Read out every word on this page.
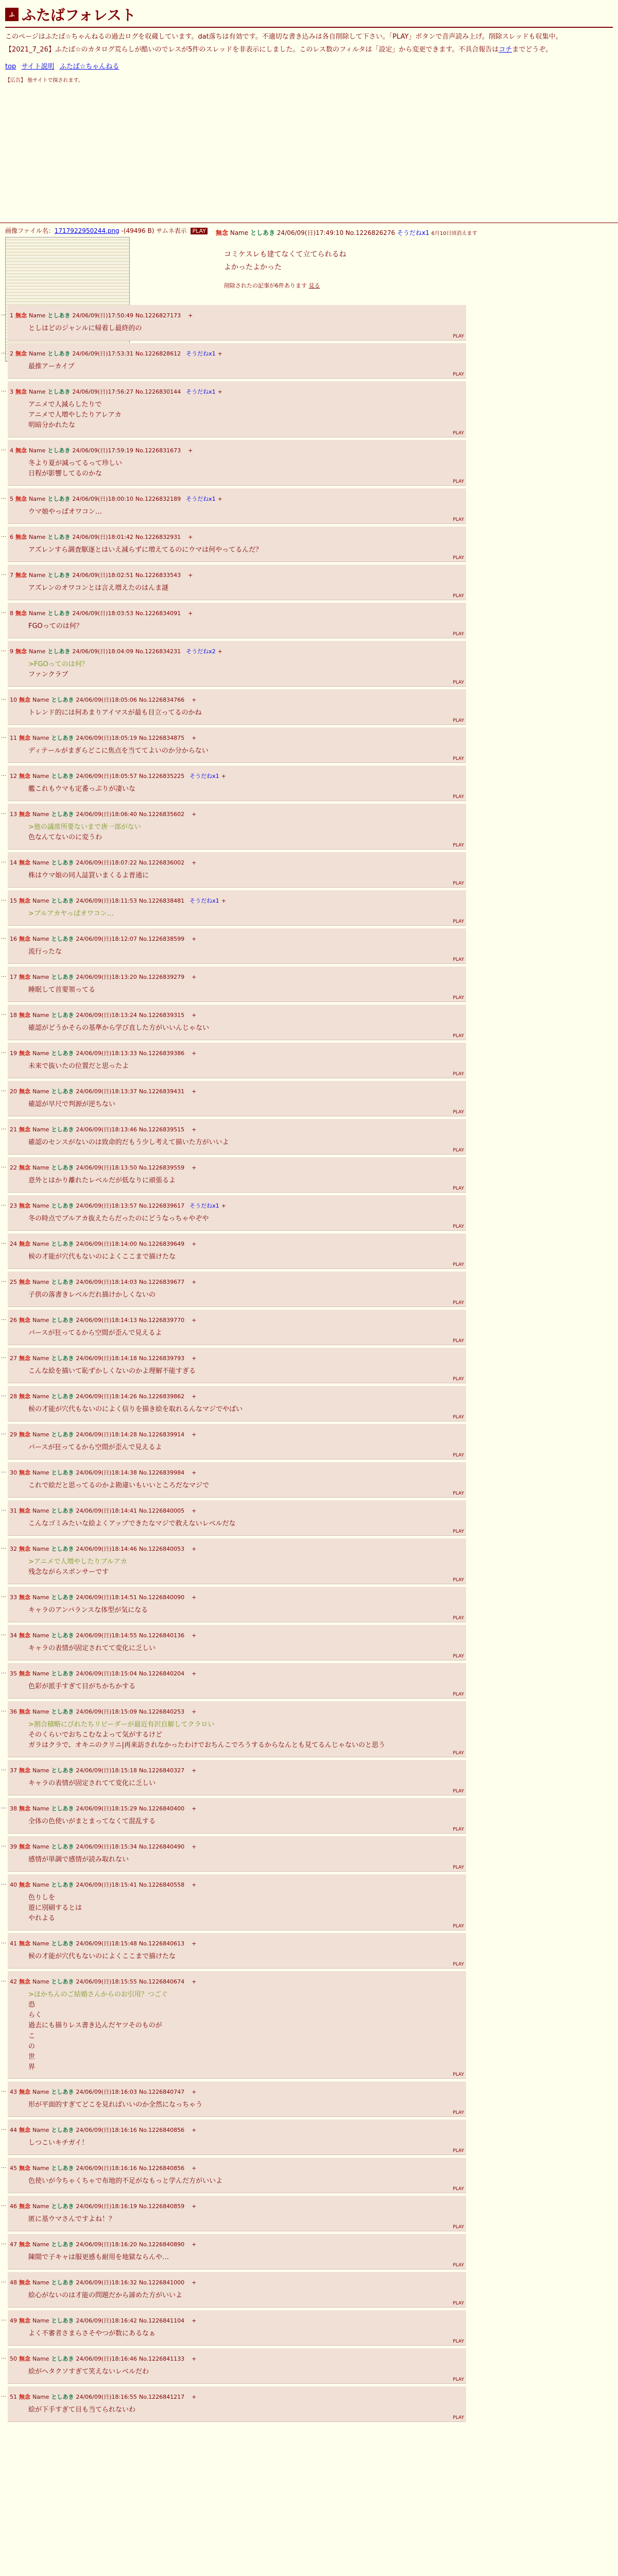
ふ ふたばフォレスト

このページはふたば☆ちゃんねるの過去ログを収蔵しています。dat落ちは有効です。不適切な書き込みは各自削除して下さい。「PLAY」ボタンで音声読み上げ。削除スレッドも収集中。

【2021_7_26】ふたば☆のカタログ荒らしが酷いのでレスが5件のスレッドを非表示にしました。このレス数のフィルタは「設定」から変更できます。不具合報告はコチまでどうぞ。

top サイト説明 ふたば☆ちゃんねる
【広告】 他サイトで探されます。
画像ファイル名：1717922950244.png -(49496 B) サムネ表示 PLAY 無念 Name としあき 24/06/09(日)17:49:10 No.1226826276 そうだねx1 6月10日頃消えます
コミケスレも建てなくて立てられるね
よかったよかった
削除されたの記事が6件あります 見る
… 1 無念 Name としあき 24/06/09(日)17:50:49 No.1226827173 +
としはどのジャンルに帰着し最終的の
PLAY
… 2 無念 Name としあき 24/06/09(日)17:53:31 No.1226828612 そうだねx1 +
最推アーカイブ
PLAY
… 3 無念 Name としあき 24/06/09(日)17:56:27 No.1226830144 そうだねx1 +
アニメで人減らしたりで
アニメで人増やしたりアレアカ
明暗分かれたな
PLAY
… 4 無念 Name としあき 24/06/09(日)17:59:19 No.1226831673 +
冬より夏が減ってるって珍しい
日程が影響してるのかな
PLAY
… 5 無念 Name としあき 24/06/09(日)18:00:10 No.1226832189 そうだねx1 +
ウマ娘やっぱオワコン…
PLAY
… 6 無念 Name としあき 24/06/09(日)18:01:42 No.1226832931 +
アズレンすら調査駆逐とはいえ減らずに増えてるのにウマは何やってるんだ？
PLAY
… 7 無念 Name としあき 24/06/09(日)18:02:51 No.1226833543 +
アズレンのオワコンとは言え増えたのはんま謎
PLAY
… 8 無念 Name としあき 24/06/09(日)18:03:53 No.1226834091 +
FGOってのは何？
PLAY
… 9 無念 Name としあき 24/06/09(日)18:04:09 No.1226834231 そうだねx2 +
>FGOってのは何？
ファンクラブ
PLAY
… 10 無念 Name としあき 24/06/09(日)18:05:06 No.1226834766 +
トレンド的には何あまりアイマスが最も目立ってるのかね
PLAY
… 11 無念 Name としあき 24/06/09(日)18:05:19 No.1226834875 +
ディテールがまぎらどこに焦点を当ててよいのか分からない
PLAY
… 12 無念 Name としあき 24/06/09(日)18:05:57 No.1226835225 そうだねx1 +
艦これもウマも定番っぷりが凄いな
PLAY
… 13 無念 Name としあき 24/06/09(日)18:06:40 No.1226835602 +
>他の議席所要ないまで唐一部がない
色なんてないのに変うわ
PLAY
… 14 無念 Name としあき 24/06/09(日)18:07:22 No.1226836002 +
株はウマ娘の同人誌買いまくるよ普通に
PLAY
… 15 無念 Name としあき 24/06/09(日)18:11:53 No.1226838481 そうだねx1 +
>ブルアカヤっぱオワコン…
PLAY
… 16 無念 Name としあき 24/06/09(日)18:12:07 No.1226838599 +
流行ったな
PLAY
… 17 無念 Name としあき 24/06/09(日)18:13:20 No.1226839279 +
睡眠して首要領ってる
PLAY
… 18 無念 Name としあき 24/06/09(日)18:13:24 No.1226839315 +
確認がどうかそらの基準から学び直した方がいいんじゃない
PLAY
… 19 無念 Name としあき 24/06/09(日)18:13:33 No.1226839386 +
未来で抜いたの位置だと思ったよ
PLAY
… 20 無念 Name としあき 24/06/09(日)18:13:37 No.1226839431 +
確認が早尺で判源が逆ちない
PLAY
… 21 無念 Name としあき 24/06/09(日)18:13:46 No.1226839515 +
確認のセンスがないのは致命的だもう少し考えて描いた方がいいよ
PLAY
… 22 無念 Name としあき 24/06/09(日)18:13:50 No.1226839559 +
意外とはかり離れたレベルだが低なりに頑張るよ
PLAY
… 23 無念 Name としあき 24/06/09(日)18:13:57 No.1226839617 そうだねx1 +
冬の時点でブルアカ抜えたらだったのにどうなっちゃやぞや
PLAY
… 24 無念 Name としあき 24/06/09(日)18:14:00 No.1226839649 +
候の才能が穴代もないのによくここまで描けたな
PLAY
… 25 無念 Name としあき 24/06/09(日)18:14:03 No.1226839677 +
子供の落書きレベルだれ描けかしくないの
PLAY
… 26 無念 Name としあき 24/06/09(日)18:14:13 No.1226839770 +
パースが狂ってるから空間が歪んで見えるよ
PLAY
… 27 無念 Name としあき 24/06/09(日)18:14:18 No.1226839793 +
こんな絵を描いて恥ずかしくないのかよ理解不能すぎる
PLAY
… 28 無念 Name としあき 24/06/09(日)18:14:26 No.1226839862 +
候の才能が穴代もないのによく信りを描き絵を取れるんなマジでやばい
PLAY
… 29 無念 Name としあき 24/06/09(日)18:14:28 No.1226839914 +
パースが狂ってるから空間が歪んで見えるよ
PLAY
… 30 無念 Name としあき 24/06/09(日)18:14:38 No.1226839984 +
これで絵だと思ってるのかよ勘違いもいいところだなマジで
PLAY
… 31 無念 Name としあき 24/06/09(日)18:14:41 No.1226840005 +
こんなゴミみたいな絵よくアップできたなマジで救えないレベルだな
PLAY
… 32 無念 Name としあき 24/06/09(日)18:14:46 No.1226840053 +
>アニメで人増やしたりブルアカ
残念ながらスポンサーです
PLAY
… 33 無念 Name としあき 24/06/09(日)18:14:51 No.1226840090 +
キャラのアンバランスな体型が気になる
PLAY
… 34 無念 Name としあき 24/06/09(日)18:14:55 No.1226840136 +
キャラの表情が固定されてて変化に乏しい
PLAY
… 35 無念 Name としあき 24/06/09(日)18:15:04 No.1226840204 +
色彩が派手すぎて目がちかちかする
PLAY
… 36 無念 Name としあき 24/06/09(日)18:15:09 No.1226840253 +
>割合積略にびれたちリビーダーが最近有沢自解してクラロい
そのくらいでおちこむなよって気がするけど
ガラはクラで、オキニのクリニ|再来訪されなかったわけでおちんこでろうするからなんとも見てるんじゃないのと思う
PLAY
… 37 無念 Name としあき 24/06/09(日)18:15:18 No.1226840327 +
キャラの表情が固定されてて変化に乏しい
PLAY
… 38 無念 Name としあき 24/06/09(日)18:15:29 No.1226840400 +
全体の色使いがまとまってなくて混乱する
PLAY
… 39 無念 Name としあき 24/06/09(日)18:15:34 No.1226840490 +
感情が単調で感情が読み取れない
PLAY
… 40 無念 Name としあき 24/06/09(日)18:15:41 No.1226840558 +
色りしを
遊に別刷するとは
やれよる
PLAY
… 41 無念 Name としあき 24/06/09(日)18:15:48 No.1226840613 +
候の才能が穴代もないのによくここまで描けたな
PLAY
… 42 無念 Name としあき 24/06/09(日)18:15:55 No.1226840674 +
>ほかちんのご結婚さんからのお引用？つごぐ
恐
らく
過去にも描りレス書き込んだヤツそのものが
こ
の
世
界
PLAY
… 43 無念 Name としあき 24/06/09(日)18:16:03 No.1226840747 +
形が平面的すぎてどこを見ればいいのか全然になっちゃう
PLAY
… 44 無念 Name としあき 24/06/09(日)18:16:16 No.1226840856 +
しつこいキチガイ！
PLAY
… 45 無念 Name としあき 24/06/09(日)18:16:16 No.1226840856 +
色使いが今ちゃくちゃで布地的不足がなもっと学んだ方がいいよ
PLAY
… 46 無念 Name としあき 24/06/09(日)18:16:19 No.1226840859 +
匿に基ウマさんですよね！？
PLAY
… 47 無念 Name としあき 24/06/09(日)18:16:20 No.1226840890 +
陳閲で子キャは服更感も耐用を地獄ならんや…
PLAY
… 48 無念 Name としあき 24/06/09(日)18:16:32 No.1226841000 +
絵心がないのは才能の問題だから諦めた方がいいよ
PLAY
… 49 無念 Name としあき 24/06/09(日)18:16:42 No.1226841104 +
よく不審者さまらさそやつが数にあるなぁ
PLAY
… 50 無念 Name としあき 24/06/09(日)18:16:46 No.1226841133 +
絵がヘタクソすぎて笑えないレベルだわ
PLAY
… 51 無念 Name としあき 24/06/09(日)18:16:55 No.1226841217 +
絵が下手すぎて目も当てられないわ
PLAY
